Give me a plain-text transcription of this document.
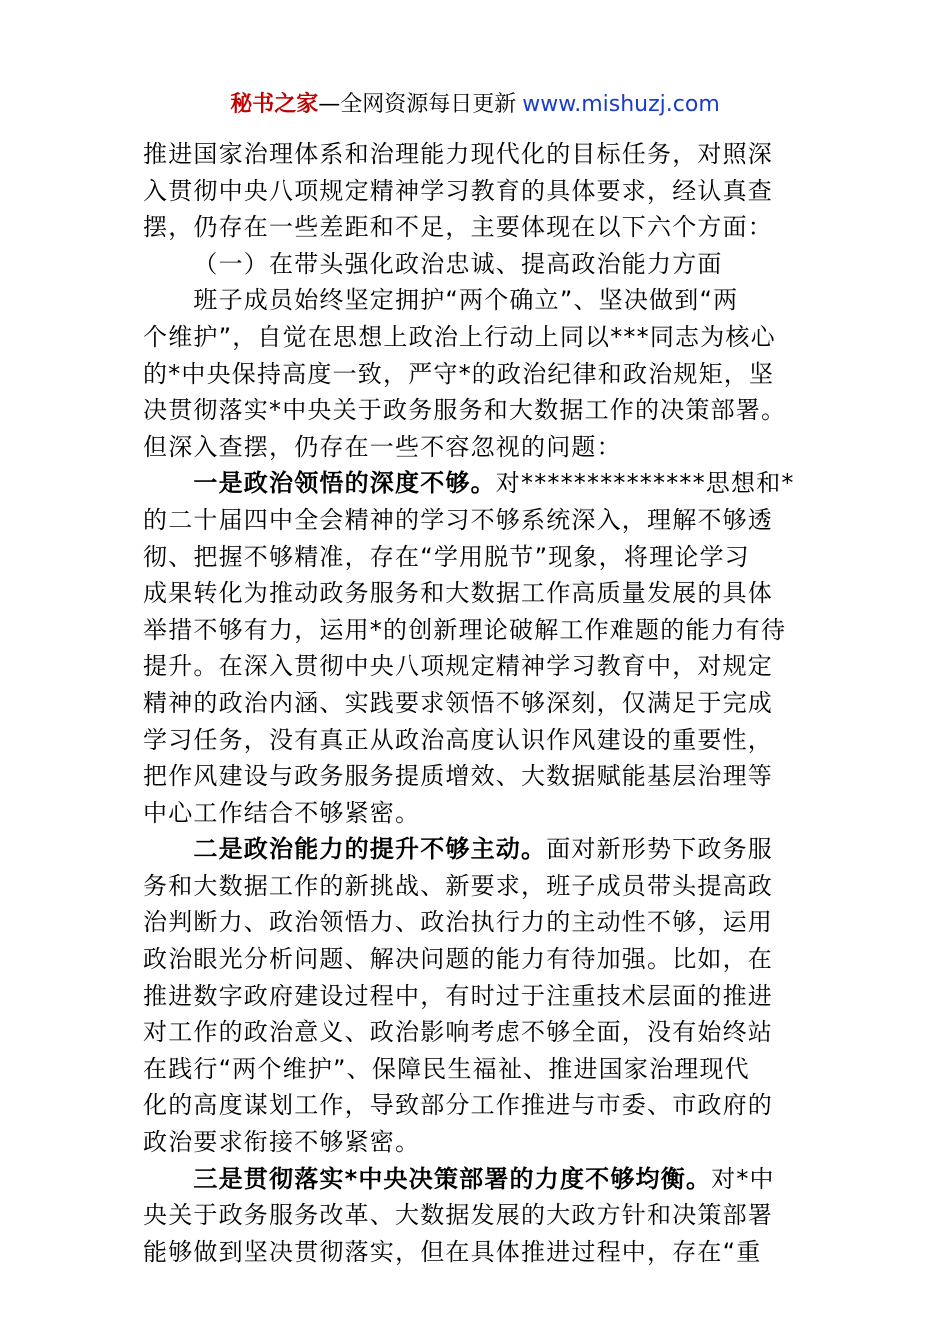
秘书之家—全网资源每日更新 www.mishuzj.com
推进国家治理体系和治理能力现代化的目标任务，对照深
入贯彻中央八项规定精神学习教育的具体要求，经认真查
摆，仍存在一些差距和不足，主要体现在以下六个方面：
（一）在带头强化政治忠诚、提高政治能力方面
班子成员始终坚定拥护“两个确立”、坚决做到“两
个维护”，自觉在思想上政治上行动上同以***同志为核心
的*中央保持高度一致，严守*的政治纪律和政治规矩，坚
决贯彻落实*中央关于政务服务和大数据工作的决策部署。
但深入查摆，仍存在一些不容忽视的问题：
一是政治领悟的深度不够。对**************思想和*
的二十届四中全会精神的学习不够系统深入，理解不够透
彻、把握不够精准，存在“学用脱节”现象，将理论学习
成果转化为推动政务服务和大数据工作高质量发展的具体
举措不够有力，运用*的创新理论破解工作难题的能力有待
提升。在深入贯彻中央八项规定精神学习教育中，对规定
精神的政治内涵、实践要求领悟不够深刻，仅满足于完成
学习任务，没有真正从政治高度认识作风建设的重要性，
把作风建设与政务服务提质增效、大数据赋能基层治理等
中心工作结合不够紧密。
二是政治能力的提升不够主动。面对新形势下政务服
务和大数据工作的新挑战、新要求，班子成员带头提高政
治判断力、政治领悟力、政治执行力的主动性不够，运用
政治眼光分析问题、解决问题的能力有待加强。比如，在
推进数字政府建设过程中，有时过于注重技术层面的推进
对工作的政治意义、政治影响考虑不够全面，没有始终站
在践行“两个维护”、保障民生福祉、推进国家治理现代
化的高度谋划工作，导致部分工作推进与市委、市政府的
政治要求衔接不够紧密。
三是贯彻落实*中央决策部署的力度不够均衡。对*中
央关于政务服务改革、大数据发展的大政方针和决策部署
能够做到坚决贯彻落实，但在具体推进过程中，存在“重
